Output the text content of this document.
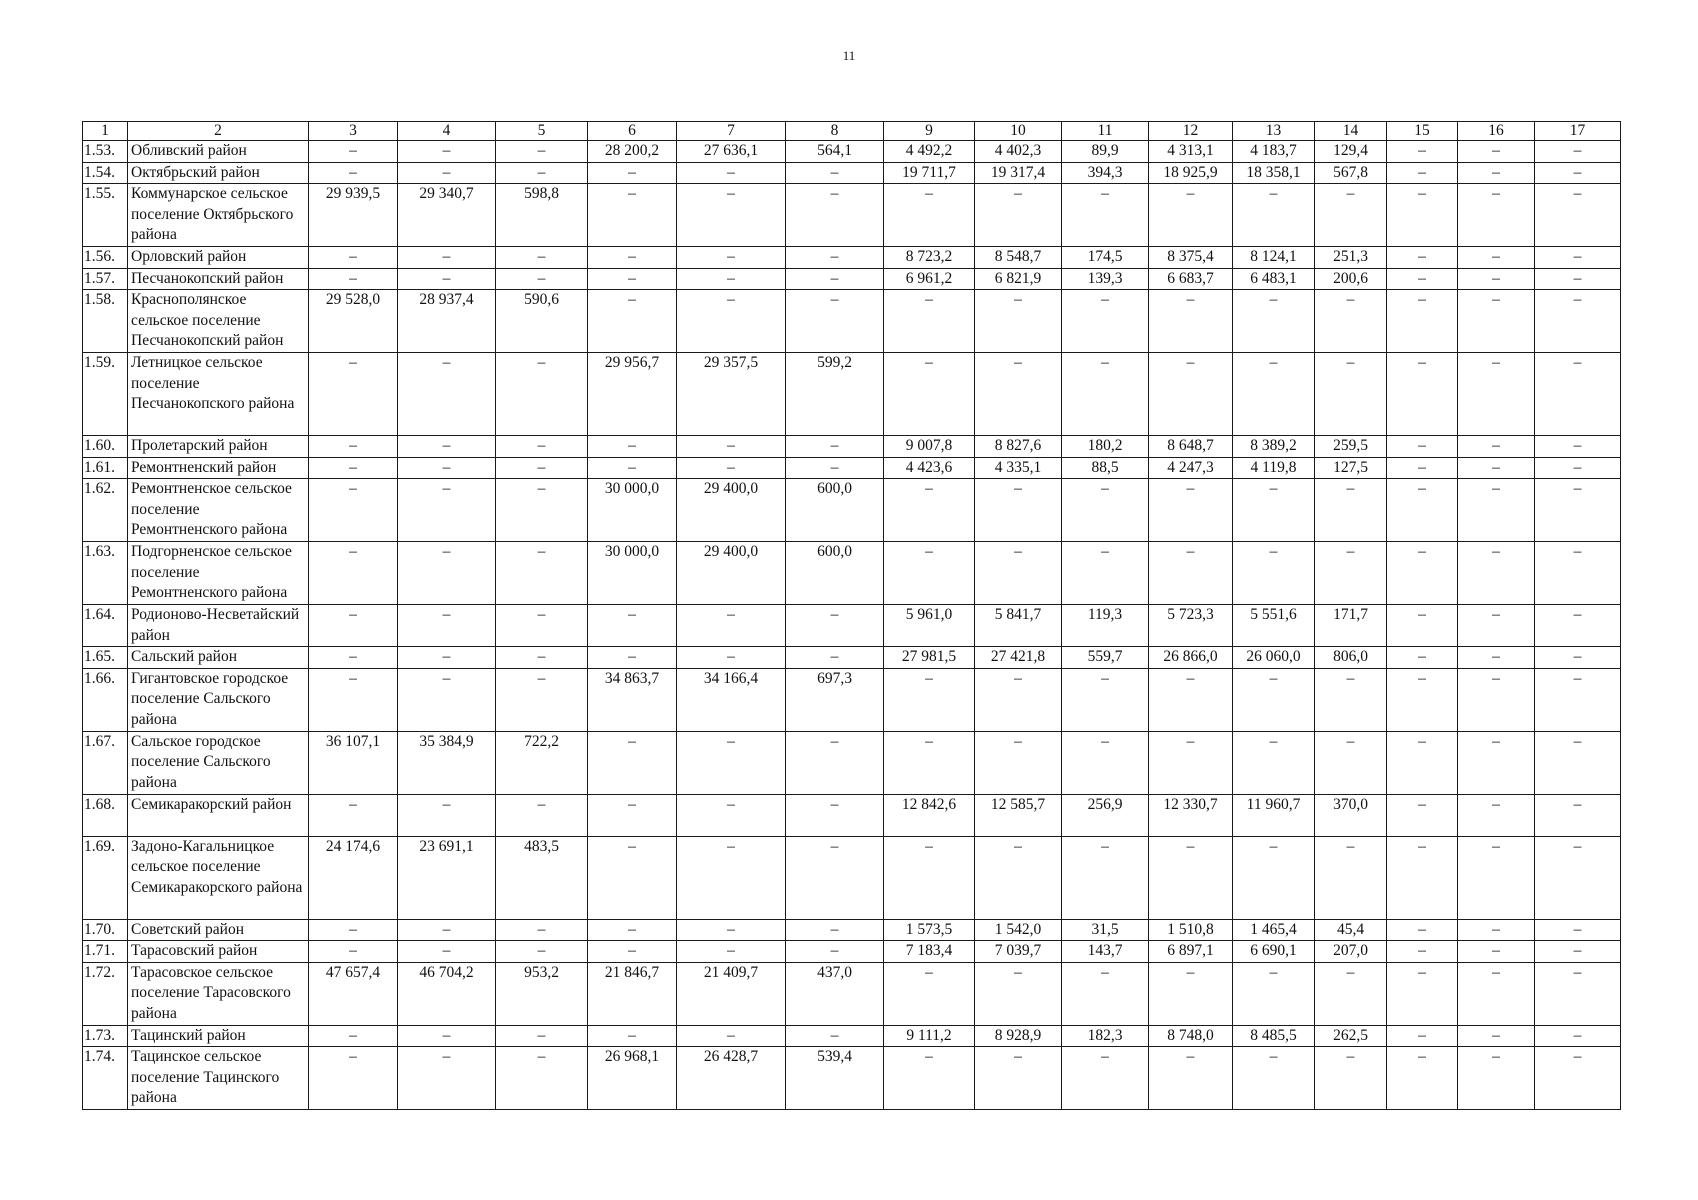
11
1	2	3	4	5	6	7	8	9	10	11	12	13	14	15	16	17
1.53.	Обливский район	–	–	–	28 200,2	27 636,1	564,1	4 492,2	4 402,3	89,9	4 313,1	4 183,7	129,4	–	–	–
1.54.	Октябрьский район	–	–	–	–	–	–	19 711,7	19 317,4	394,3	18 925,9	18 358,1	567,8	–	–	–
1.55.	Коммунарское сельское поселение Октябрьского района	29 939,5	29 340,7	598,8	–	–	–	–	–	–	–	–	–	–	–	–
1.56.	Орловский район	–	–	–	–	–	–	8 723,2	8 548,7	174,5	8 375,4	8 124,1	251,3	–	–	–
1.57.	Песчанокопский район	–	–	–	–	–	–	6 961,2	6 821,9	139,3	6 683,7	6 483,1	200,6	–	–	–
1.58.	Краснополянское сельское поселение Песчанокопский район	29 528,0	28 937,4	590,6	–	–	–	–	–	–	–	–	–	–	–	–
1.59.	Летницкое сельское поселение Песчанокопского района	–	–	–	29 956,7	29 357,5	599,2	–	–	–	–	–	–	–	–	–
1.60.	Пролетарский район	–	–	–	–	–	–	9 007,8	8 827,6	180,2	8 648,7	8 389,2	259,5	–	–	–
1.61.	Ремонтненский район	–	–	–	–	–	–	4 423,6	4 335,1	88,5	4 247,3	4 119,8	127,5	–	–	–
1.62.	Ремонтненское сельское поселение Ремонтненского района	–	–	–	30 000,0	29 400,0	600,0	–	–	–	–	–	–	–	–	–
1.63.	Подгорненское сельское поселение Ремонтненского района	–	–	–	30 000,0	29 400,0	600,0	–	–	–	–	–	–	–	–	–
1.64.	Родионово-Несветайский район	–	–	–	–	–	–	5 961,0	5 841,7	119,3	5 723,3	5 551,6	171,7	–	–	–
1.65.	Сальский район	–	–	–	–	–	–	27 981,5	27 421,8	559,7	26 866,0	26 060,0	806,0	–	–	–
1.66.	Гигантовское городское поселение Сальского района	–	–	–	34 863,7	34 166,4	697,3	–	–	–	–	–	–	–	–	–
1.67.	Сальское городское поселение Сальского района	36 107,1	35 384,9	722,2	–	–	–	–	–	–	–	–	–	–	–	–
1.68.	Семикаракорский район	–	–	–	–	–	–	12 842,6	12 585,7	256,9	12 330,7	11 960,7	370,0	–	–	–
1.69.	Задоно-Кагальницкое сельское поселение Семикаракорского района	24 174,6	23 691,1	483,5	–	–	–	–	–	–	–	–	–	–	–	–
1.70.	Советский район	–	–	–	–	–	–	1 573,5	1 542,0	31,5	1 510,8	1 465,4	45,4	–	–	–
1.71.	Тарасовский район	–	–	–	–	–	–	7 183,4	7 039,7	143,7	6 897,1	6 690,1	207,0	–	–	–
1.72.	Тарасовское сельское поселение Тарасовского района	47 657,4	46 704,2	953,2	21 846,7	21 409,7	437,0	–	–	–	–	–	–	–	–	–
1.73.	Тацинский район	–	–	–	–	–	–	9 111,2	8 928,9	182,3	8 748,0	8 485,5	262,5	–	–	–
1.74.	Тацинское сельское поселение Тацинского района	–	–	–	26 968,1	26 428,7	539,4	–	–	–	–	–	–	–	–	–
